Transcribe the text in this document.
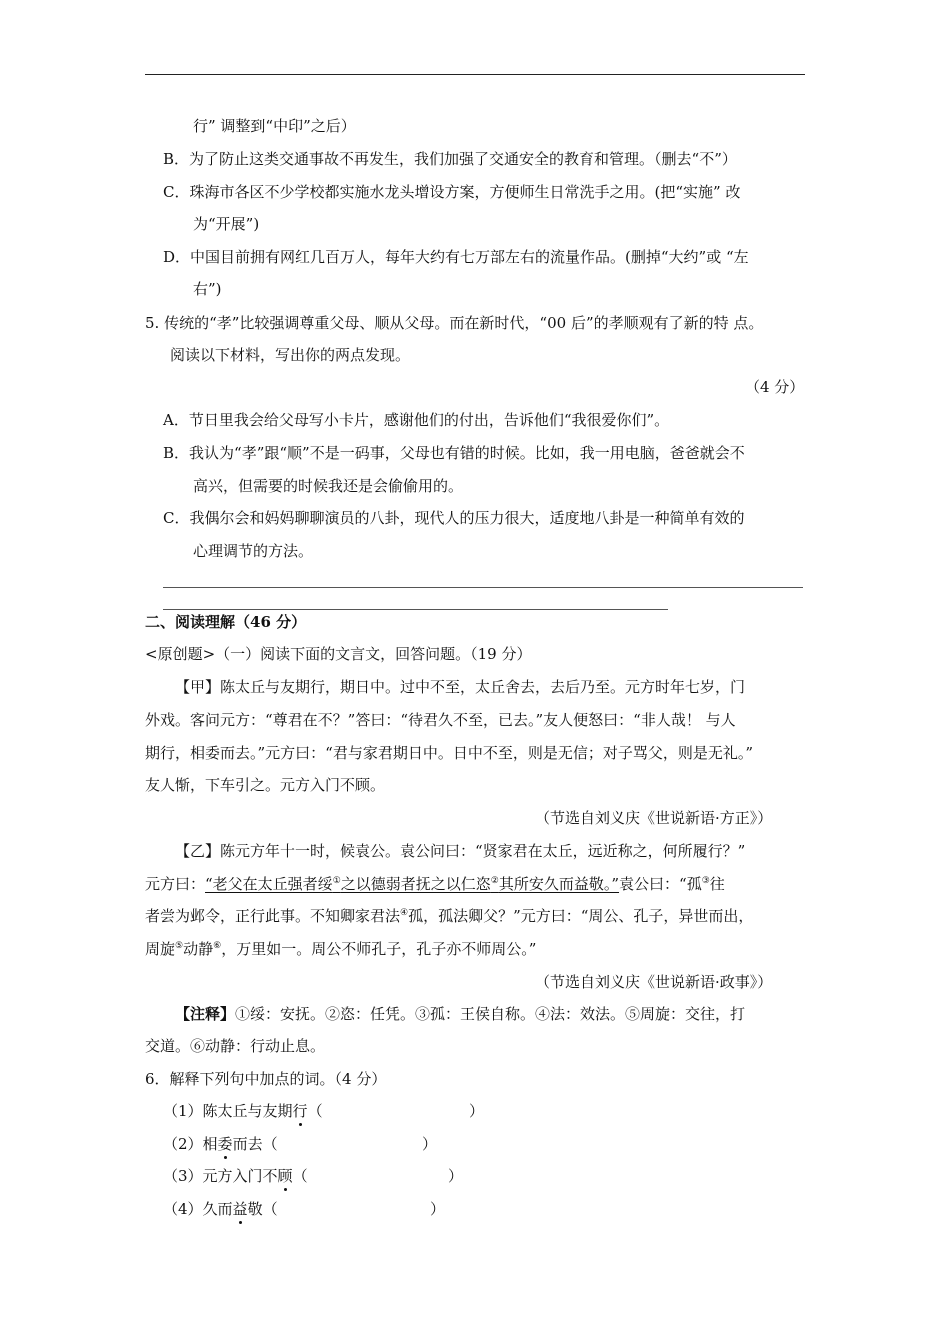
行” 调整到“中印”之后）
B．为了防止这类交通事故不再发生，我们加强了交通安全的教育和管理。（删去“不”）
C．珠海市各区不少学校都实施水龙头增设方案，方便师生日常洗手之用。(把“实施” 改
为“开展”)
D．中国目前拥有网红几百万人，每年大约有七万部左右的流量作品。(删掉“大约”或 “左
右”)
5. 传统的“孝”比较强调尊重父母、顺从父母。而在新时代，“00 后”的孝顺观有了新的特 点。
阅读以下材料，写出你的两点发现。
（4 分）
A．节日里我会给父母写小卡片，感谢他们的付出，告诉他们“我很爱你们”。
B．我认为“孝”跟“顺”不是一码事，父母也有错的时候。比如，我一用电脑，爸爸就会不
高兴，但需要的时候我还是会偷偷用的。
C．我偶尔会和妈妈聊聊演员的八卦，现代人的压力很大，适度地八卦是一种简单有效的
心理调节的方法。
二、阅读理解（46 分）
<原创题>（一）阅读下面的文言文，回答问题。（19 分）
【甲】陈太丘与友期行，期日中。过中不至，太丘舍去，去后乃至。元方时年七岁，门
外戏。客问元方：“尊君在不？”答曰：“待君久不至，已去。”友人便怒曰：“非人哉！ 与人
期行，相委而去。”元方曰：“君与家君期日中。日中不至，则是无信；对子骂父，则是无礼。”
友人惭，下车引之。元方入门不顾。
（节选自刘义庆《世说新语·方正》）
【乙】陈元方年十一时，候袁公。袁公问曰：“贤家君在太丘，远近称之，何所履行？”
元方曰：“老父在太丘强者绥①之以德弱者抚之以仁恣②其所安久而益敬。”袁公曰：“孤③往
者尝为邺令，正行此事。不知卿家君法④孤，孤法卿父？”元方曰：“周公、孔子，异世而出，
周旋⑤动静⑥，万里如一。周公不师孔子，孔子亦不师周公。”
（节选自刘义庆《世说新语·政事》）
【注释】①绥：安抚。②恣：任凭。③孤：王侯自称。④法：效法。⑤周旋：交往，打
交道。⑥动静：行动止息。
6．解释下列句中加点的词。（4 分）
（1）陈太丘与友期行（	）
（2）相委而去（	）
（3）元方入门不顾（	）
（4）久而益敬（	）
